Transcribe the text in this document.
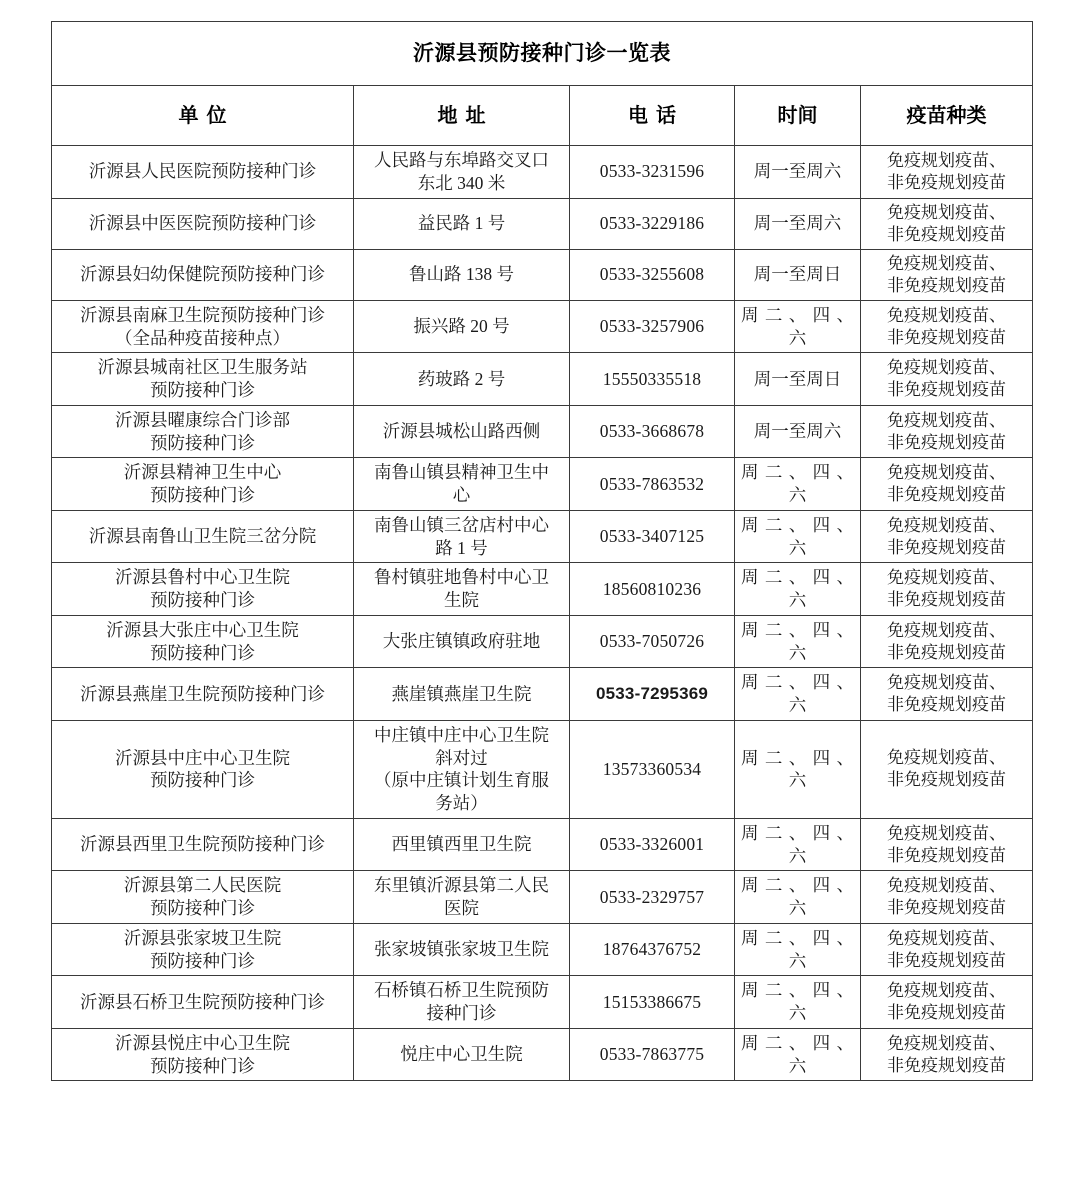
沂源县预防接种门诊一览表				
单位	地址	电话	时间	疫苗种类

沂源县人民医院预防接种门诊	人民路与东埠路交叉口
东北 340 米	0533-3231596	周一至周六	免疫规划疫苗、
非免疫规划疫苗

沂源县中医医院预防接种门诊	益民路 1 号	0533-3229186	周一至周六	免疫规划疫苗、
非免疫规划疫苗

沂源县妇幼保健院预防接种门诊	鲁山路 138 号	0533-3255608	周一至周日	免疫规划疫苗、
非免疫规划疫苗

沂源县南麻卫生院预防接种门诊
（全品种疫苗接种点）	振兴路 20 号	0533-3257906	周二、四、
六	免疫规划疫苗、
非免疫规划疫苗

沂源县城南社区卫生服务站
预防接种门诊	药玻路 2 号	15550335518	周一至周日	免疫规划疫苗、
非免疫规划疫苗

沂源县曜康综合门诊部
预防接种门诊	沂源县城松山路西侧	0533-3668678	周一至周六	免疫规划疫苗、
非免疫规划疫苗

沂源县精神卫生中心
预防接种门诊	南鲁山镇县精神卫生中
心	0533-7863532	周二、四、
六	免疫规划疫苗、
非免疫规划疫苗

沂源县南鲁山卫生院三岔分院	南鲁山镇三岔店村中心
路 1 号	0533-3407125	周二、四、
六	免疫规划疫苗、
非免疫规划疫苗

沂源县鲁村中心卫生院
预防接种门诊	鲁村镇驻地鲁村中心卫
生院	18560810236	周二、四、
六	免疫规划疫苗、
非免疫规划疫苗

沂源县大张庄中心卫生院
预防接种门诊	大张庄镇镇政府驻地	0533-7050726	周二、四、
六	免疫规划疫苗、
非免疫规划疫苗

沂源县燕崖卫生院预防接种门诊	燕崖镇燕崖卫生院	0533-7295369	周二、四、
六	免疫规划疫苗、
非免疫规划疫苗

沂源县中庄中心卫生院
预防接种门诊	中庄镇中庄中心卫生院
斜对过
（原中庄镇计划生育服
务站）	13573360534	周二、四、
六	免疫规划疫苗、
非免疫规划疫苗

沂源县西里卫生院预防接种门诊	西里镇西里卫生院	0533-3326001	周二、四、
六	免疫规划疫苗、
非免疫规划疫苗

沂源县第二人民医院
预防接种门诊	东里镇沂源县第二人民
医院	0533-2329757	周二、四、
六	免疫规划疫苗、
非免疫规划疫苗

沂源县张家坡卫生院
预防接种门诊	张家坡镇张家坡卫生院	18764376752	周二、四、
六	免疫规划疫苗、
非免疫规划疫苗

沂源县石桥卫生院预防接种门诊	石桥镇石桥卫生院预防
接种门诊	15153386675	周二、四、
六	免疫规划疫苗、
非免疫规划疫苗

沂源县悦庄中心卫生院
预防接种门诊	悦庄中心卫生院	0533-7863775	周二、四、
六	免疫规划疫苗、
非免疫规划疫苗
